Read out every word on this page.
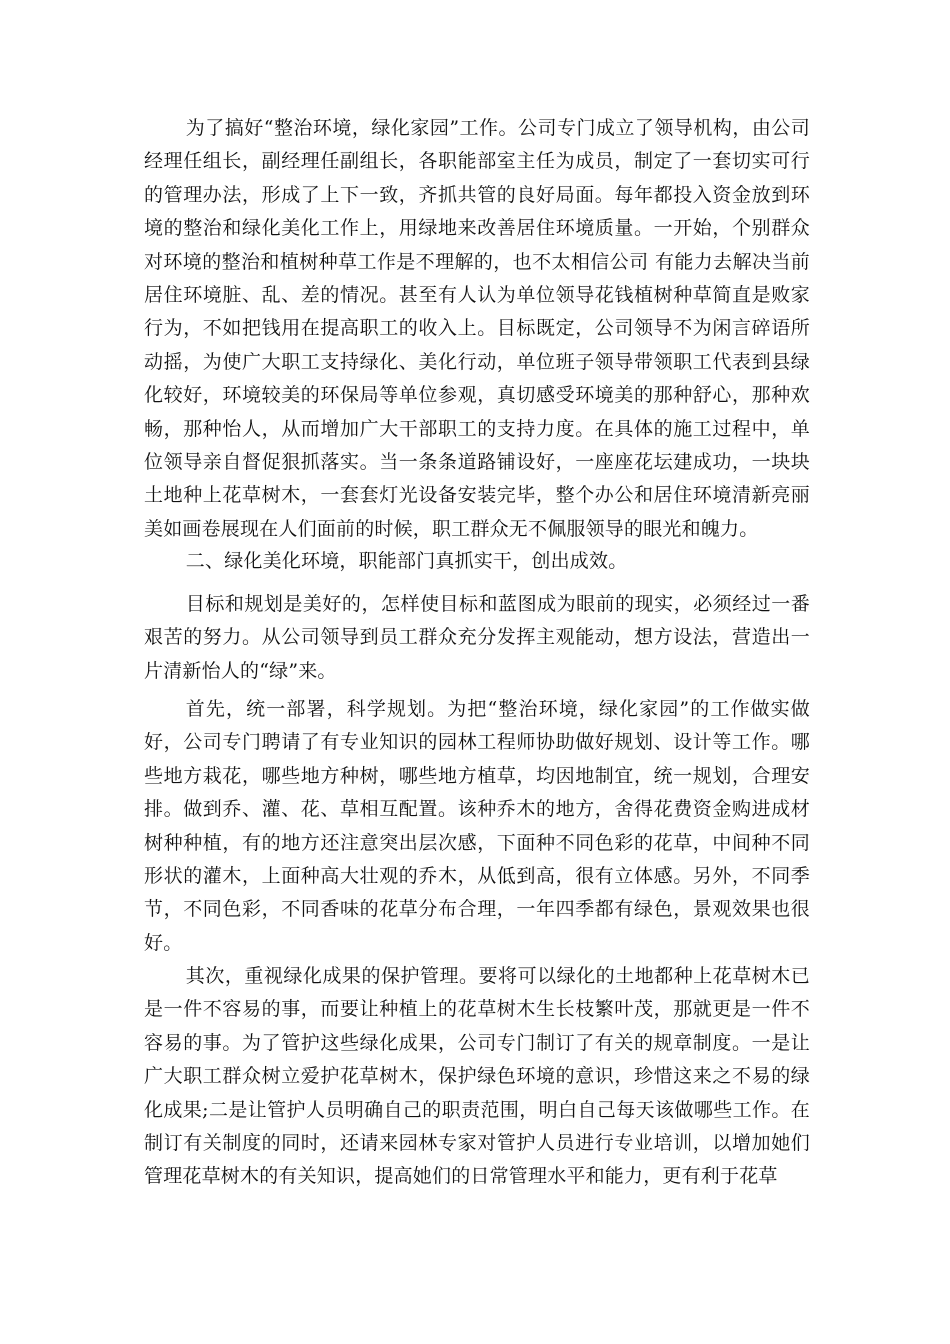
为了搞好“整治环境，绿化家园”工作。公司专门成立了领导机构，由公司经理任组长，副经理任副组长，各职能部室主任为成员，制定了一套切实可行的管理办法，形成了上下一致，齐抓共管的良好局面。每年都投入资金放到环境的整治和绿化美化工作上，用绿地来改善居住环境质量。一开始，个别群众对环境的整治和植树种草工作是不理解的，也不太相信公司 有能力去解决当前居住环境脏、乱、差的情况。甚至有人认为单位领导花钱植树种草简直是败家行为，不如把钱用在提高职工的收入上。目标既定，公司领导不为闲言碎语所动摇，为使广大职工支持绿化、美化行动，单位班子领导带领职工代表到县绿化较好，环境较美的环保局等单位参观，真切感受环境美的那种舒心，那种欢畅，那种怡人，从而增加广大干部职工的支持力度。在具体的施工过程中，单位领导亲自督促狠抓落实。当一条条道路铺设好，一座座花坛建成功，一块块土地种上花草树木，一套套灯光设备安装完毕，整个办公和居住环境清新亮丽美如画卷展现在人们面前的时候，职工群众无不佩服领导的眼光和魄力。

二、绿化美化环境，职能部门真抓实干，创出成效。

目标和规划是美好的，怎样使目标和蓝图成为眼前的现实，必须经过一番艰苦的努力。从公司领导到员工群众充分发挥主观能动，想方设法，营造出一片清新怡人的“绿”来。

首先，统一部署，科学规划。为把“整治环境，绿化家园”的工作做实做好，公司专门聘请了有专业知识的园林工程师协助做好规划、设计等工作。哪些地方栽花，哪些地方种树，哪些地方植草，均因地制宜，统一规划，合理安排。做到乔、灌、花、草相互配置。该种乔木的地方，舍得花费资金购进成材树种种植，有的地方还注意突出层次感，下面种不同色彩的花草，中间种不同形状的灌木，上面种高大壮观的乔木，从低到高，很有立体感。另外，不同季节，不同色彩，不同香味的花草分布合理，一年四季都有绿色，景观效果也很好。

其次，重视绿化成果的保护管理。要将可以绿化的土地都种上花草树木已是一件不容易的事，而要让种植上的花草树木生长枝繁叶茂，那就更是一件不容易的事。为了管护这些绿化成果，公司专门制订了有关的规章制度。一是让广大职工群众树立爱护花草树木，保护绿色环境的意识，珍惜这来之不易的绿化成果;二是让管护人员明确自己的职责范围，明白自己每天该做哪些工作。在制订有关制度的同时，还请来园林专家对管护人员进行专业培训，以增加她们管理花草树木的有关知识，提高她们的日常管理水平和能力，更有利于花草
